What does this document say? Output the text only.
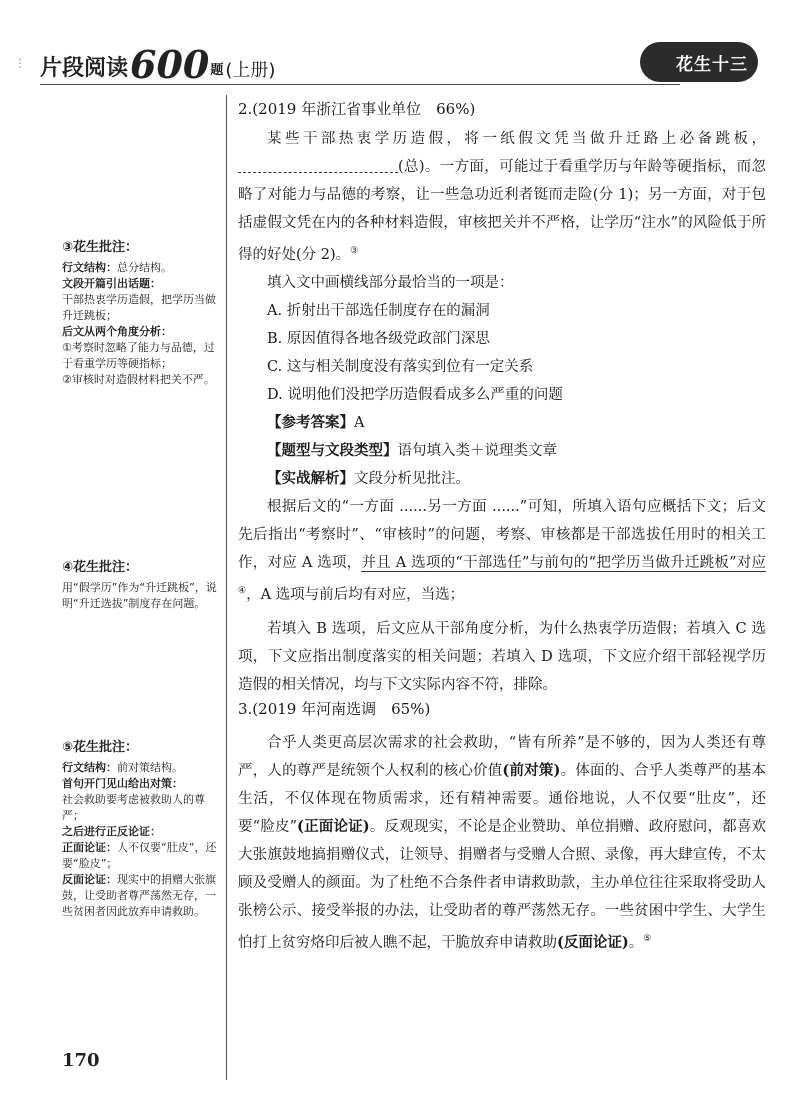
⋮ 片段阅读 600 题 (上册)	ℓ 花生十三
2.(2019 年浙江省事业单位　66%)

某些干部热衷学历造假，将一纸假文凭当做升迁路上必备跳板，(总)。一方面，可能过于看重学历与年龄等硬指标，而忽略了对能力与品德的考察，让一些急功近利者铤而走险(分 1)；另一方面，对于包括虚假文凭在内的各种材料造假，审核把关并不严格，让学历“注水”的风险低于所得的好处(分 2)。③

填入文中画横线部分最恰当的一项是：

A. 折射出干部选任制度存在的漏洞

B. 原因值得各地各级党政部门深思

C. 这与相关制度没有落实到位有一定关系

D. 说明他们没把学历造假看成多么严重的问题

【参考答案】A

【题型与文段类型】语句填入类＋说理类文章

【实战解析】文段分析见批注。

根据后文的“一方面 ......另一方面 ......”可知，所填入语句应概括下文；后文先后指出“考察时”、“审核时”的问题，考察、审核都是干部选拔任用时的相关工作，对应 A 选项，并且 A 选项的“干部选任”与前句的“把学历当做升迁跳板”对应④，A 选项与前后均有对应，当选；

若填入 B 选项，后文应从干部角度分析，为什么热衷学历造假；若填入 C 选项，下文应指出制度落实的相关问题；若填入 D 选项，下文应介绍干部轻视学历造假的相关情况，均与下文实际内容不符，排除。

3.(2019 年河南选调　65%)

合乎人类更高层次需求的社会救助，“皆有所养”是不够的，因为人类还有尊严，人的尊严是统领个人权利的核心价值(前对策)。体面的、合乎人类尊严的基本生活，不仅体现在物质需求，还有精神需要。通俗地说，人不仅要“肚皮”，还要“脸皮”(正面论证)。反观现实，不论是企业赞助、单位捐赠、政府慰问，都喜欢大张旗鼓地搞捐赠仪式，让领导、捐赠者与受赠人合照、录像，再大肆宣传，不太顾及受赠人的颜面。为了杜绝不合条件者申请救助款，主办单位往往采取将受助人张榜公示、接受举报的办法，让受助者的尊严荡然无存。一些贫困中学生、大学生怕打上贫穷烙印后被人瞧不起，干脆放弃申请救助(反面论证)。⑤

③花生批注：

行文结构：总分结构。

文段开篇引出话题：

干部热衷学历造假，把学历当做升迁跳板；

后文从两个角度分析：

①考察时忽略了能力与品德，过于看重学历等硬指标；

②审核时对造假材料把关不严。

④花生批注：

用“假学历”作为“升迁跳板”，说明“升迁选拔”制度存在问题。

⑤花生批注：

行文结构：前对策结构。

首句开门见山给出对策：

社会救助要考虑被救助人的尊严；

之后进行正反论证：

正面论证：人不仅要“肚皮”，还要“脸皮”；

反面论证：现实中的捐赠大张旗鼓，让受助者尊严荡然无存，一些贫困者因此放弃申请救助。

170
